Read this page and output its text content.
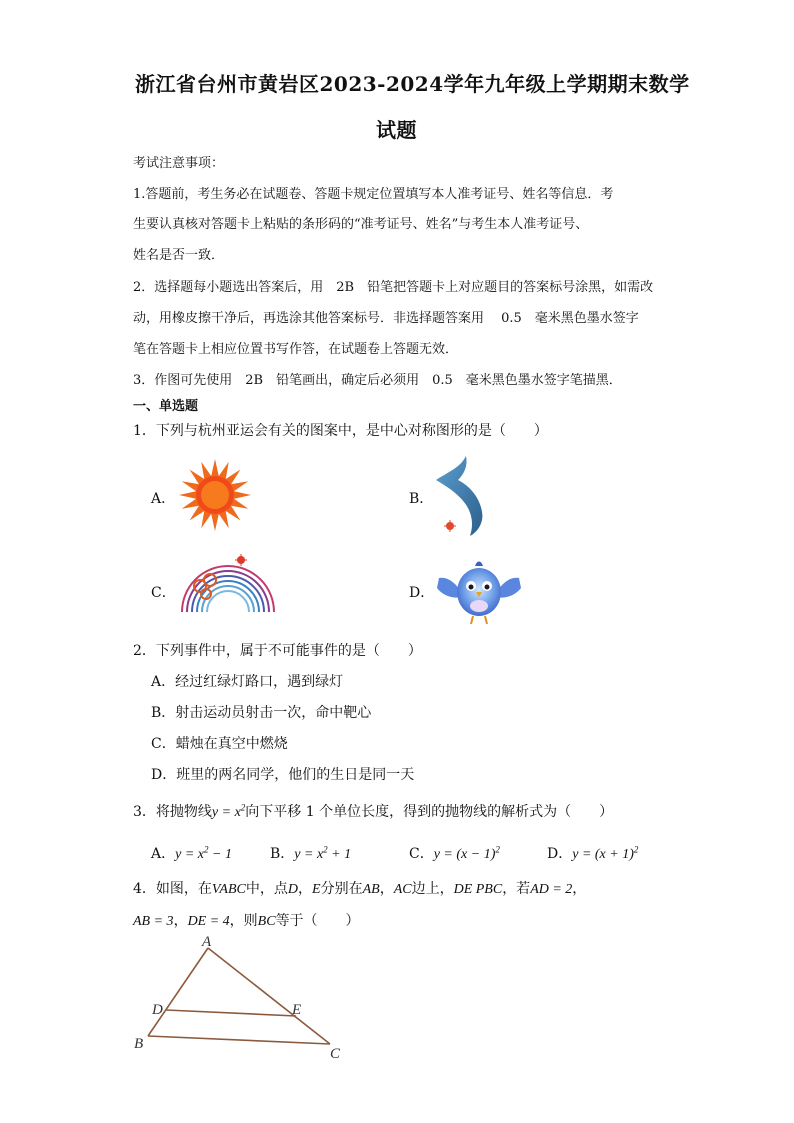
浙江省台州市黄岩区2023-2024学年九年级上学期期末数学
试题
考试注意事项：
1.答题前，考生务必在试题卷、答题卡规定位置填写本人准考证号、姓名等信息．考
生要认真核对答题卡上粘贴的条形码的“准考证号、姓名”与考生本人准考证号、
姓名是否一致．
2．选择题每小题选出答案后，用　2B　铅笔把答题卡上对应题目的答案标号涂黑，如需改
动，用橡皮擦干净后，再选涂其他答案标号．非选择题答案用　 0.5　毫米黑色墨水签字
笔在答题卡上相应位置书写作答，在试题卷上答题无效．
3．作图可先使用　2B　铅笔画出，确定后必须用　0.5　毫米黑色墨水签字笔描黑．
一、单选题
1．下列与杭州亚运会有关的图案中，是中心对称图形的是（　　）
A．	B．
C．	D．
2．下列事件中，属于不可能事件的是（　　）
A．经过红绿灯路口，遇到绿灯
B．射击运动员射击一次，命中靶心
C．蜡烛在真空中燃烧
D．班里的两名同学，他们的生日是同一天
3．将抛物线$y = x^2$向下平移 1 个单位长度，得到的抛物线的解析式为（　　）
A．$y = x^2 - 1$	B．$y = x^2 + 1$	C．$y = (x - 1)^2$	D．$y = (x + 1)^2$
4．如图，在VABC中，点D，E分别在AB，AC边上，DE PBC，若AD = 2，
AB = 3，DE = 4，则BC等于（　　）
A
D	E
B
C
